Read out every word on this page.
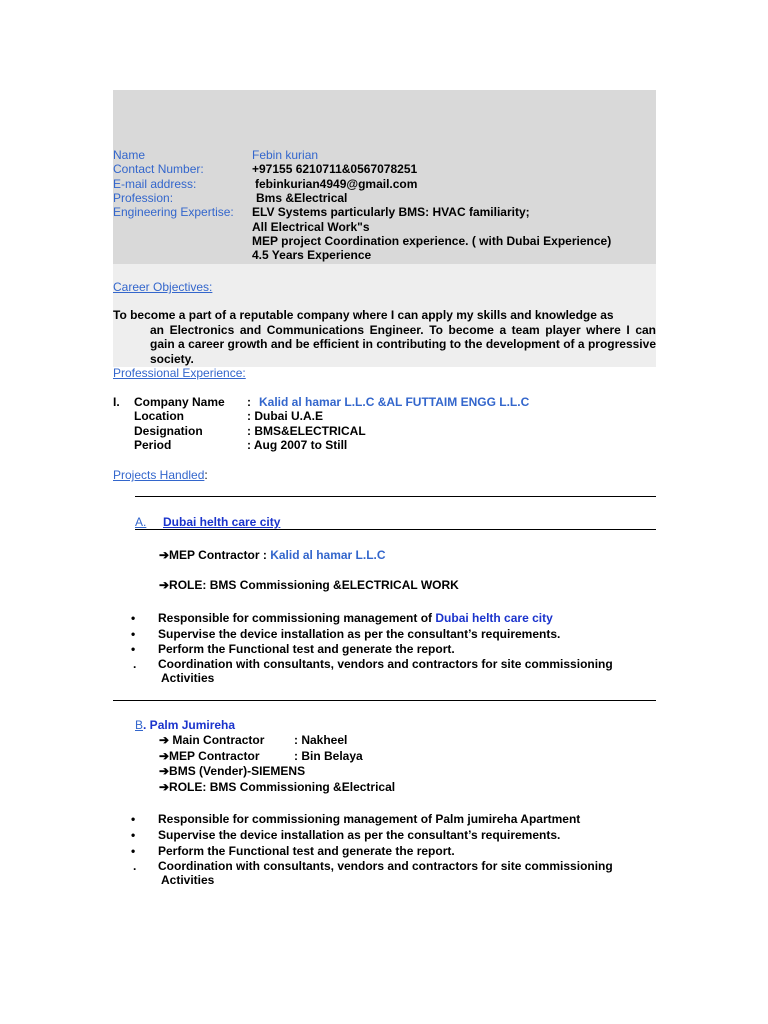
Name	Febin kurian
Contact Number:	+97155 6210711&0567078251
E-mail address:	febinkurian4949@gmail.com
Profession:	Bms &Electrical
Engineering Expertise: ELV Systems particularly BMS: HVAC familiarity;
All Electrical Work"s
MEP project Coordination experience. ( with Dubai Experience)
4.5 Years Experience
Career Objectives:
To become a part of a reputable company where I can apply my skills and knowledge as
an Electronics and Communications Engineer. To become a team player where I can gain a career growth and be efficient in contributing to the development of a progressive society.
Professional Experience:
I. Company Name : Kalid al hamar L.L.C &AL FUTTAIM ENGG L.L.C
Location	: Dubai U.A.E
Designation	: BMS&ELECTRICAL
Period	: Aug 2007 to Still
Projects Handled:
A. Dubai helth care city
➔MEP Contractor : Kalid al hamar L.L.C
➔ROLE: BMS Commissioning &ELECTRICAL WORK
• Responsible for commissioning management of Dubai helth care city
• Supervise the device installation as per the consultant’s requirements.
• Perform the Functional test and generate the report.
. Coordination with consultants, vendors and contractors for site commissioning
Activities
B. Palm Jumireha
➔ Main Contractor : Nakheel
➔MEP Contractor	: Bin Belaya
➔BMS (Vender)-SIEMENS
➔ROLE: BMS Commissioning &Electrical
• Responsible for commissioning management of Palm jumireha Apartment
• Supervise the device installation as per the consultant’s requirements.
• Perform the Functional test and generate the report.
. Coordination with consultants, vendors and contractors for site commissioning
Activities
